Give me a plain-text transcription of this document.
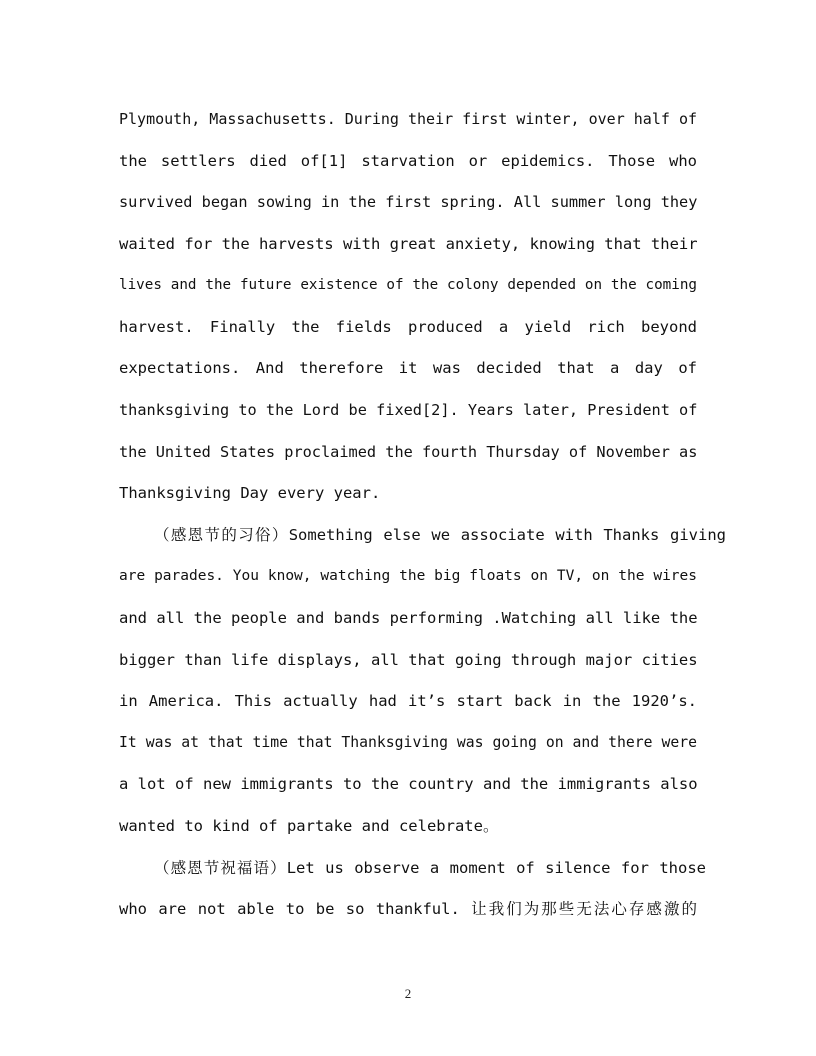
Plymouth, Massachusetts. During their first winter, over half of
the settlers died of[1] starvation or epidemics. Those who
survived began sowing in the first spring. All summer long they
waited for the harvests with great anxiety, knowing that their
lives and the future existence of the colony depended on the coming
harvest. Finally the fields produced a yield rich beyond
expectations. And therefore it was decided that a day of
thanksgiving to the Lord be fixed[2]. Years later, President of
the United States proclaimed the fourth Thursday of November as
Thanksgiving Day every year.
（感恩节的习俗）Something else we associate with Thanks giving
are parades. You know, watching the big floats on TV, on the wires
and all the people and bands performing .Watching all like the
bigger than life displays, all that going through major cities
in America. This actually had it’s start back in the 1920’s.
It was at that time that Thanksgiving was going on and there were
a lot of new immigrants to the country and the immigrants also
wanted to kind of partake and celebrate。
（感恩节祝福语）Let us observe a moment of silence for those
who are not able to be so thankful. 让我们为那些无法心存感激的
2
